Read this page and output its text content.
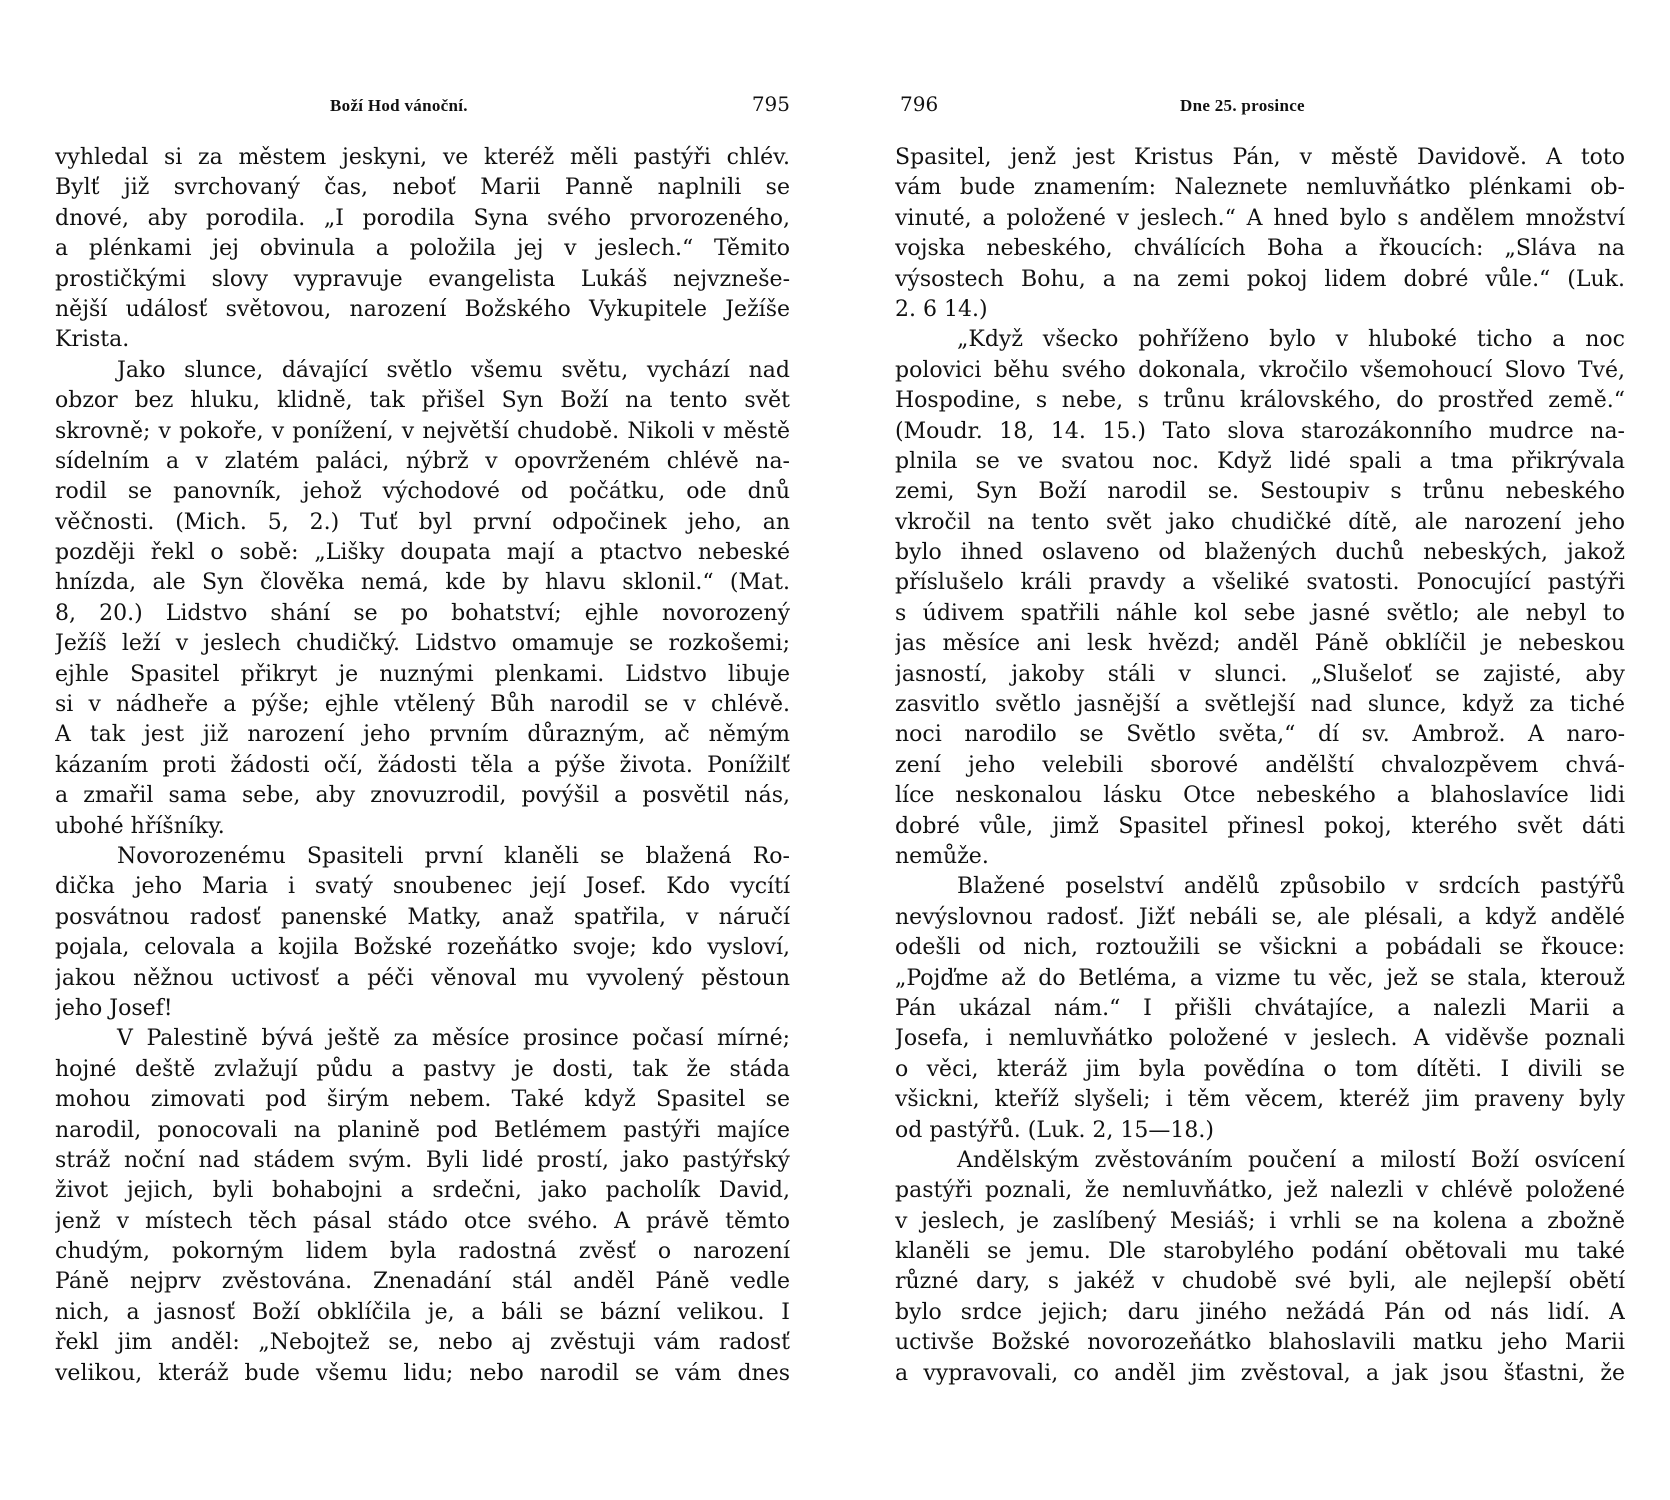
Boží Hod vánoční.	795
vyhledal si za městem jeskyni, ve kteréž měli pastýři chlév.
Bylť již svrchovaný čas, neboť Marii Panně naplnili se
dnové, aby porodila. „I porodila Syna svého prvorozeného,
a plénkami jej obvinula a položila jej v jeslech.“ Těmito
prostičkými slovy vypravuje evangelista Lukáš nejvzneše-
nější událosť světovou, narození Božského Vykupitele Ježíše
Krista.
Jako slunce, dávající světlo všemu světu, vychází nad
obzor bez hluku, klidně, tak přišel Syn Boží na tento svět
skrovně; v pokoře, v ponížení, v největší chudobě. Nikoli v městě
sídelním a v zlatém paláci, nýbrž v opovrženém chlévě na-
rodil se panovník, jehož východové od počátku, ode dnů
věčnosti. (Mich. 5, 2.) Tuť byl první odpočinek jeho, an
později řekl o sobě: „Lišky doupata mají a ptactvo nebeské
hnízda, ale Syn člověka nemá, kde by hlavu sklonil.“ (Mat.
8, 20.) Lidstvo shání se po bohatství; ejhle novorozený
Ježíš leží v jeslech chudičký. Lidstvo omamuje se rozkošemi;
ejhle Spasitel přikryt je nuznými plenkami. Lidstvo libuje
si v nádheře a pýše; ejhle vtělený Bůh narodil se v chlévě.
A tak jest již narození jeho prvním důrazným, ač němým
kázaním proti žádosti očí, žádosti těla a pýše života. Ponížilť
a zmařil sama sebe, aby znovuzrodil, povýšil a posvětil nás,
ubohé hříšníky.
Novorozenému Spasiteli první klaněli se blažená Ro-
dička jeho Maria i svatý snoubenec její Josef. Kdo vycítí
posvátnou radosť panenské Matky, anaž spatřila, v náručí
pojala, celovala a kojila Božské rozeňátko svoje; kdo vysloví,
jakou něžnou uctivosť a péči věnoval mu vyvolený pěstoun
jeho Josef!
V Palestině bývá ještě za měsíce prosince počasí mírné;
hojné deště zvlažují půdu a pastvy je dosti, tak že stáda
mohou zimovati pod širým nebem. Také když Spasitel se
narodil, ponocovali na planině pod Betlémem pastýři majíce
stráž noční nad stádem svým. Byli lidé prostí, jako pastýřský
život jejich, byli bohabojni a srdečni, jako pacholík David,
jenž v místech těch pásal stádo otce svého. A právě těmto
chudým, pokorným lidem byla radostná zvěsť o narození
Páně nejprv zvěstována. Znenadání stál anděl Páně vedle
nich, a jasnosť Boží obklíčila je, a báli se bázní velikou. I
řekl jim anděl: „Nebojtež se, nebo aj zvěstuji vám radosť
velikou, kteráž bude všemu lidu; nebo narodil se vám dnes
796	Dne 25. prosince
Spasitel, jenž jest Kristus Pán, v městě Davidově. A toto
vám bude znamením: Naleznete nemluvňátko plénkami ob-
vinuté, a položené v jeslech.“ A hned bylo s andělem množství
vojska nebeského, chválících Boha a řkoucích: „Sláva na
výsostech Bohu, a na zemi pokoj lidem dobré vůle.“ (Luk.
2. 6 14.)
„Když všecko pohříženo bylo v hluboké ticho a noc
polovici běhu svého dokonala, vkročilo všemohoucí Slovo Tvé,
Hospodine, s nebe, s trůnu královského, do prostřed země.“
(Moudr. 18, 14. 15.) Tato slova starozákonního mudrce na-
plnila se ve svatou noc. Když lidé spali a tma přikrývala
zemi, Syn Boží narodil se. Sestoupiv s trůnu nebeského
vkročil na tento svět jako chudičké dítě, ale narození jeho
bylo ihned oslaveno od blažených duchů nebeských, jakož
příslušelo králi pravdy a všeliké svatosti. Ponocující pastýři
s údivem spatřili náhle kol sebe jasné světlo; ale nebyl to
jas měsíce ani lesk hvězd; anděl Páně obklíčil je nebeskou
jasností, jakoby stáli v slunci. „Slušeloť se zajisté, aby
zasvitlo světlo jasnější a světlejší nad slunce, když za tiché
noci narodilo se Světlo světa,“ dí sv. Ambrož. A naro-
zení jeho velebili sborové andělští chvalozpěvem chvá-
líce neskonalou lásku Otce nebeského a blahoslavíce lidi
dobré vůle, jimž Spasitel přinesl pokoj, kterého svět dáti
nemůže.
Blažené poselství andělů způsobilo v srdcích pastýřů
nevýslovnou radosť. Jižť nebáli se, ale plésali, a když andělé
odešli od nich, roztoužili se všickni a pobádali se řkouce:
„Pojďme až do Betléma, a vizme tu věc, jež se stala, kterouž
Pán ukázal nám.“ I přišli chvátajíce, a nalezli Marii a
Josefa, i nemluvňátko položené v jeslech. A viděvše poznali
o věci, kteráž jim byla povědína o tom dítěti. I divili se
všickni, kteříž slyšeli; i těm věcem, kteréž jim praveny byly
od pastýřů. (Luk. 2, 15—18.)
Andělským zvěstováním poučení a milostí Boží osvícení
pastýři poznali, že nemluvňátko, jež nalezli v chlévě položené
v jeslech, je zaslíbený Mesiáš; i vrhli se na kolena a zbožně
klaněli se jemu. Dle starobylého podání obětovali mu také
různé dary, s jakéž v chudobě své byli, ale nejlepší obětí
bylo srdce jejich; daru jiného nežádá Pán od nás lidí. A
uctivše Božské novorozeňátko blahoslavili matku jeho Marii
a vypravovali, co anděl jim zvěstoval, a jak jsou šťastni, že
